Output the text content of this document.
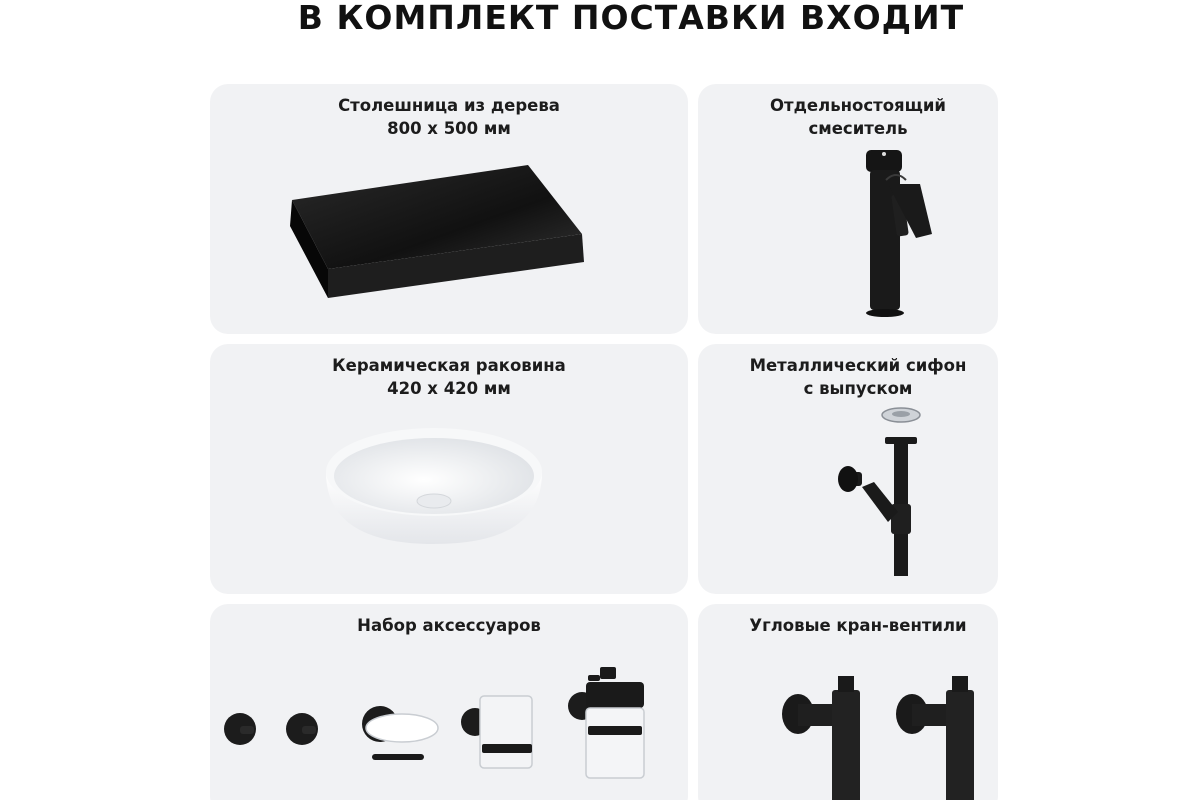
В КОМПЛЕКТ ПОСТАВКИ ВХОДИТ

Столешница из дерева
800 х 500 мм

Отдельностоящий
смеситель

Керамическая раковина
420 х 420 мм

Металлический сифон
с выпуском

Набор аксессуаров	Угловые кран-вентили
